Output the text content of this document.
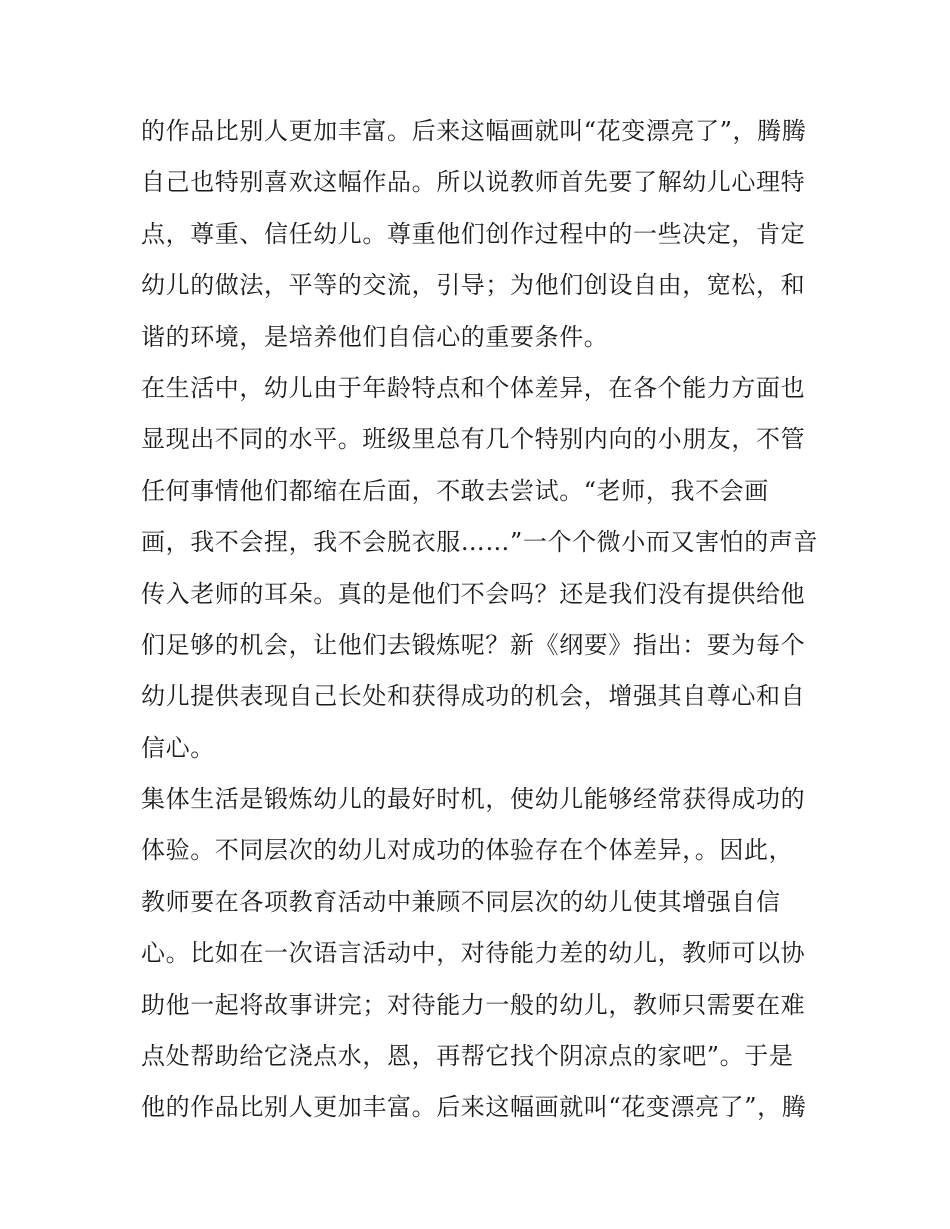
的作品比别人更加丰富。后来这幅画就叫“花变漂亮了”，腾腾
自己也特别喜欢这幅作品。所以说教师首先要了解幼儿心理特
点，尊重、信任幼儿。尊重他们创作过程中的一些决定，肯定
幼儿的做法，平等的交流，引导；为他们创设自由，宽松，和
谐的环境，是培养他们自信心的重要条件。
在生活中，幼儿由于年龄特点和个体差异，在各个能力方面也
显现出不同的水平。班级里总有几个特别内向的小朋友，不管
任何事情他们都缩在后面，不敢去尝试。“老师，我不会画
画，我不会捏，我不会脱衣服……”一个个微小而又害怕的声音
传入老师的耳朵。真的是他们不会吗？还是我们没有提供给他
们足够的机会，让他们去锻炼呢？新《纲要》指出：要为每个
幼儿提供表现自己长处和获得成功的机会，增强其自尊心和自
信心。
集体生活是锻炼幼儿的最好时机，使幼儿能够经常获得成功的
体验。不同层次的幼儿对成功的体验存在个体差异，。因此，
教师要在各项教育活动中兼顾不同层次的幼儿使其增强自信
心。比如在一次语言活动中，对待能力差的幼儿，教师可以协
助他一起将故事讲完；对待能力一般的幼儿，教师只需要在难
点处帮助给它浇点水，恩，再帮它找个阴凉点的家吧”。于是
他的作品比别人更加丰富。后来这幅画就叫“花变漂亮了”，腾
